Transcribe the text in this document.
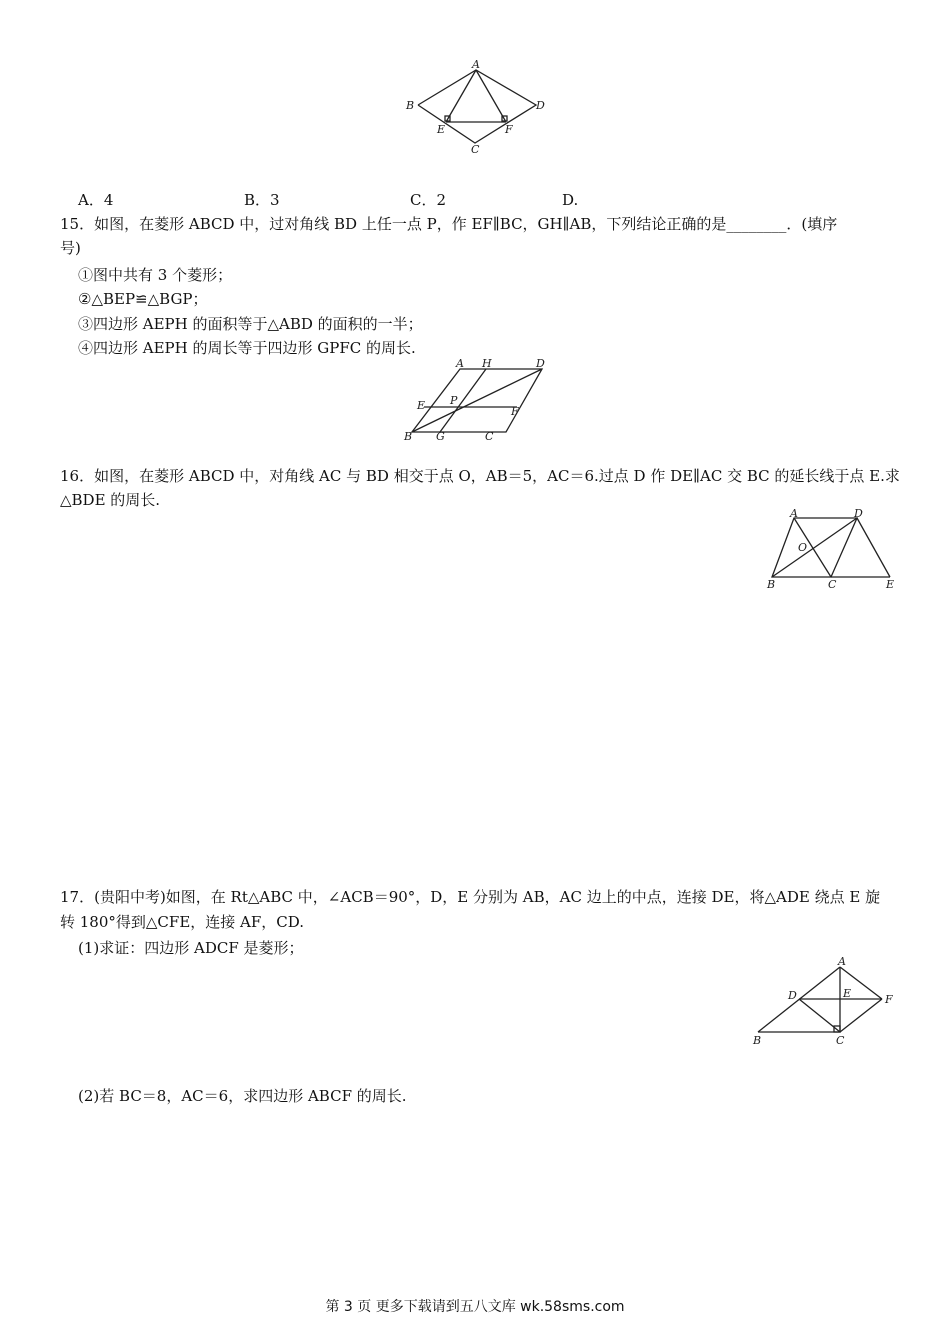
A
B	D
E	F
C
A．4	B．3	C．2	D.
15．如图，在菱形 ABCD 中，过对角线 BD 上任一点 P，作 EF∥BC，GH∥AB，下列结论正确的是________．(填序
号)
①图中共有 3 个菱形；
②△BEP≌△BGP；
③四边形 AEPH 的面积等于△ABD 的面积的一半；
④四边形 AEPH 的周长等于四边形 GPFC 的周长.
A H	D
E P
F
B G	C
16．如图，在菱形 ABCD 中，对角线 AC 与 BD 相交于点 O，AB＝5，AC＝6.过点 D 作 DE∥AC 交 BC 的延长线于点 E.求
△BDE 的周长.
A	D
O
B	C	E
17．(贵阳中考)如图，在 Rt△ABC 中，∠ACB＝90°，D，E 分别为 AB，AC 边上的中点，连接 DE，将△ADE 绕点 E 旋
转 180°得到△CFE，连接 AF，CD.
(1)求证：四边形 ADCF 是菱形；
A
D	E	F
B	C
(2)若 BC＝8，AC＝6，求四边形 ABCF 的周长.
第 3 页 更多下载请到五八文库 wk.58sms.com
